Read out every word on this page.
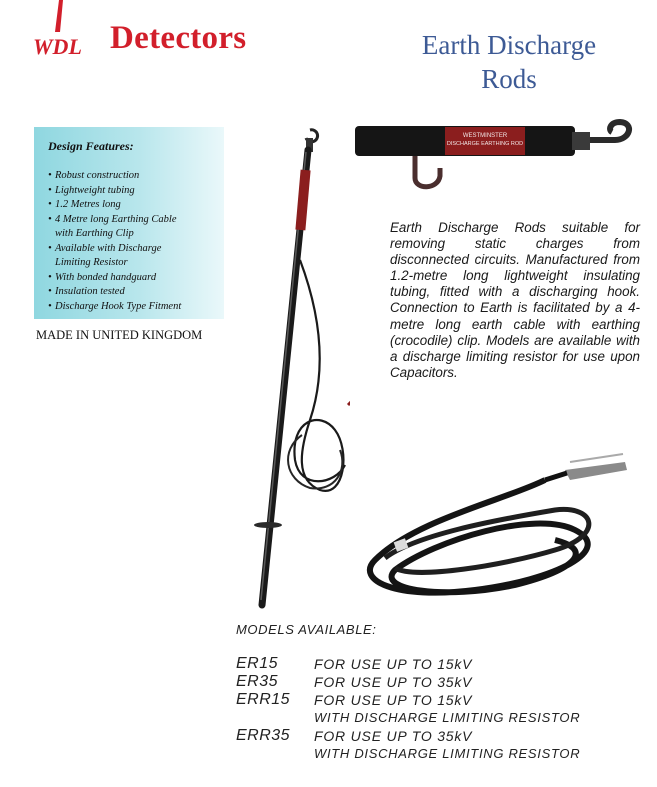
WDL Detectors	Earth Discharge
Rods
Design Features:
• Robust construction
• Lightweight tubing
• 1.2 Metres long
• 4 Metre long Earthing Cable
with Earthing Clip
• Available with Discharge
Limiting Resistor
• With bonded handguard
• Insulation tested
• Discharge Hook Type Fitment
MADE IN UNITED KINGDOM
WESTMINSTER
DISCHARGE EARTHING ROD
Earth Discharge Rods suitable for removing static charges from disconnected circuits. Manufactured from 1.2-metre long lightweight insulating tubing, fitted with a discharging hook. Connection to Earth is facilitated by a 4-metre long earth cable with earthing (crocodile) clip. Models are available with a discharge limiting resistor for use upon Capacitors.
MODELS AVAILABLE:
ER15	FOR USE UP TO 15kV
ER35	FOR USE UP TO 35kV
ERR15	FOR USE UP TO 15kV
WITH DISCHARGE LIMITING RESISTOR
ERR35	FOR USE UP TO 35kV
WITH DISCHARGE LIMITING RESISTOR
